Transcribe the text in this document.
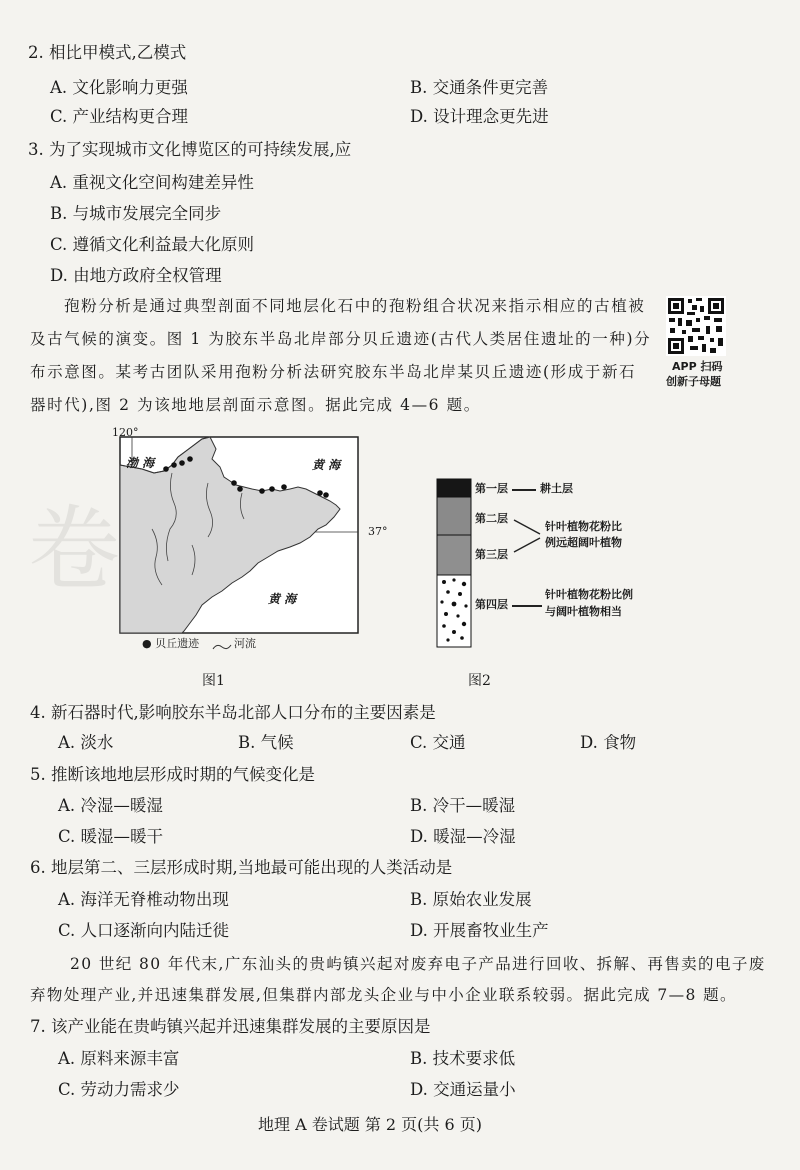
卷
2. 相比甲模式,乙模式
A. 文化影响力更强	B. 交通条件更完善
C. 产业结构更合理	D. 设计理念更先进
3. 为了实现城市文化博览区的可持续发展,应
A. 重视文化空间构建差异性
B. 与城市发展完全同步
C. 遵循文化利益最大化原则
D. 由地方政府全权管理
孢粉分析是通过典型剖面不同地层化石中的孢粉组合状况来指示相应的古植被及古气候的演变。图 1 为胶东半岛北岸部分贝丘遗迹(古代人类居住遗址的一种)分布示意图。某考古团队采用孢粉分析法研究胶东半岛北岸某贝丘遗迹(形成于新石器时代),图 2 为该地地层剖面示意图。据此完成 4—6 题。
APP 扫码
创新子母题
120°
37°
渤 海	黄 海
黄 海
● 贝丘遗迹	河流
图1
第一层	耕土层
第二层
第三层
针叶植物花粉比
例远超阔叶植物
第四层
针叶植物花粉比例
与阔叶植物相当
图2
4. 新石器时代,影响胶东半岛北部人口分布的主要因素是
A. 淡水	B. 气候	C. 交通	D. 食物
5. 推断该地地层形成时期的气候变化是
A. 冷湿—暖湿	B. 冷干—暖湿
C. 暖湿—暖干	D. 暖湿—冷湿
6. 地层第二、三层形成时期,当地最可能出现的人类活动是
A. 海洋无脊椎动物出现	B. 原始农业发展
C. 人口逐渐向内陆迁徙	D. 开展畜牧业生产
20 世纪 80 年代末,广东汕头的贵屿镇兴起对废弃电子产品进行回收、拆解、再售卖的电子废弃物处理产业,并迅速集群发展,但集群内部龙头企业与中小企业联系较弱。据此完成 7—8 题。
7. 该产业能在贵屿镇兴起并迅速集群发展的主要原因是
A. 原料来源丰富	B. 技术要求低
C. 劳动力需求少	D. 交通运量小
地理 A 卷试题 第 2 页(共 6 页)
